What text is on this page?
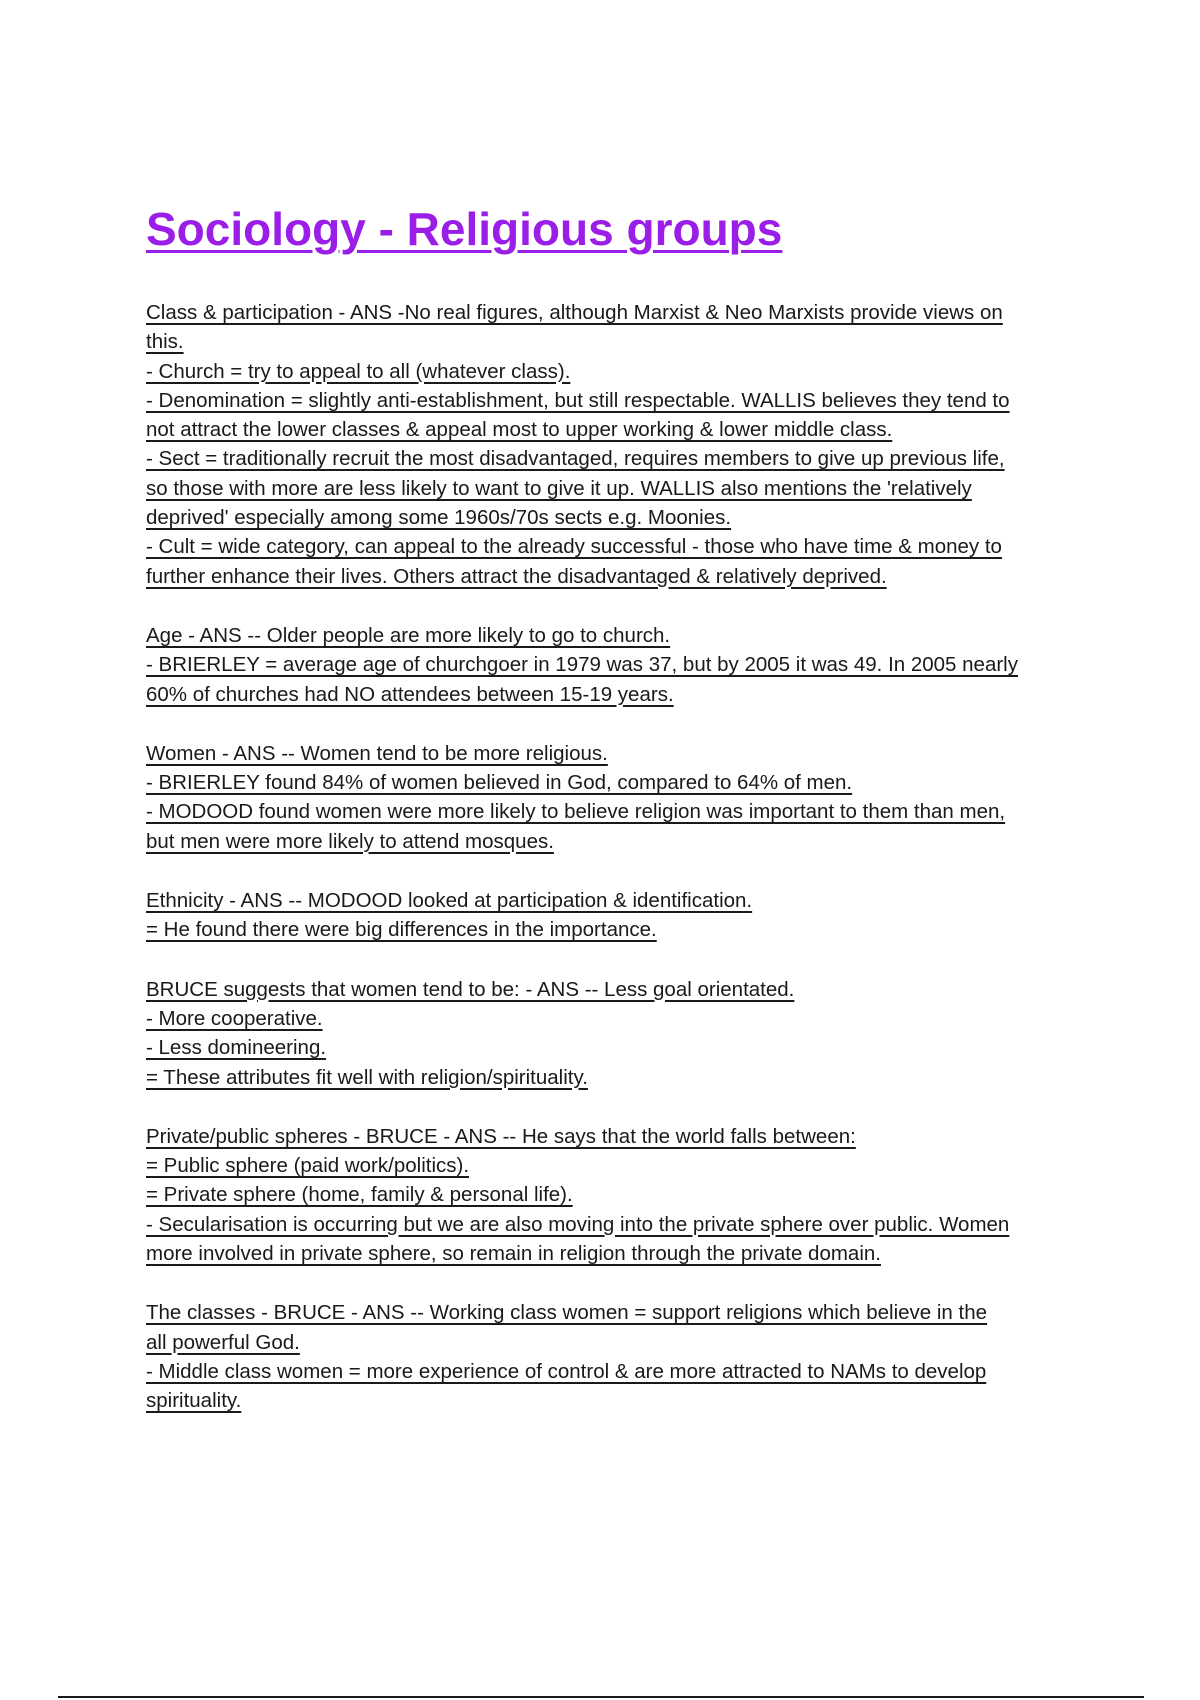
Sociology - Religious groups
Class & participation - ANS -No real figures, although Marxist & Neo Marxists provide views on
this.
- Church = try to appeal to all (whatever class).
- Denomination = slightly anti-establishment, but still respectable. WALLIS believes they tend to
not attract the lower classes & appeal most to upper working & lower middle class.
- Sect = traditionally recruit the most disadvantaged, requires members to give up previous life,
so those with more are less likely to want to give it up. WALLIS also mentions the 'relatively
deprived' especially among some 1960s/70s sects e.g. Moonies.
- Cult = wide category, can appeal to the already successful - those who have time & money to
further enhance their lives. Others attract the disadvantaged & relatively deprived.
Age - ANS -- Older people are more likely to go to church.
- BRIERLEY = average age of churchgoer in 1979 was 37, but by 2005 it was 49. In 2005 nearly
60% of churches had NO attendees between 15-19 years.
Women - ANS -- Women tend to be more religious.
- BRIERLEY found 84% of women believed in God, compared to 64% of men.
- MODOOD found women were more likely to believe religion was important to them than men,
but men were more likely to attend mosques.
Ethnicity - ANS -- MODOOD looked at participation & identification.
= He found there were big differences in the importance.
BRUCE suggests that women tend to be: - ANS -- Less goal orientated.
- More cooperative.
- Less domineering.
= These attributes fit well with religion/spirituality.
Private/public spheres - BRUCE - ANS -- He says that the world falls between:
= Public sphere (paid work/politics).
= Private sphere (home, family & personal life).
- Secularisation is occurring but we are also moving into the private sphere over public. Women
more involved in private sphere, so remain in religion through the private domain.
The classes - BRUCE - ANS -- Working class women = support religions which believe in the
all powerful God.
- Middle class women = more experience of control & are more attracted to NAMs to develop
spirituality.
